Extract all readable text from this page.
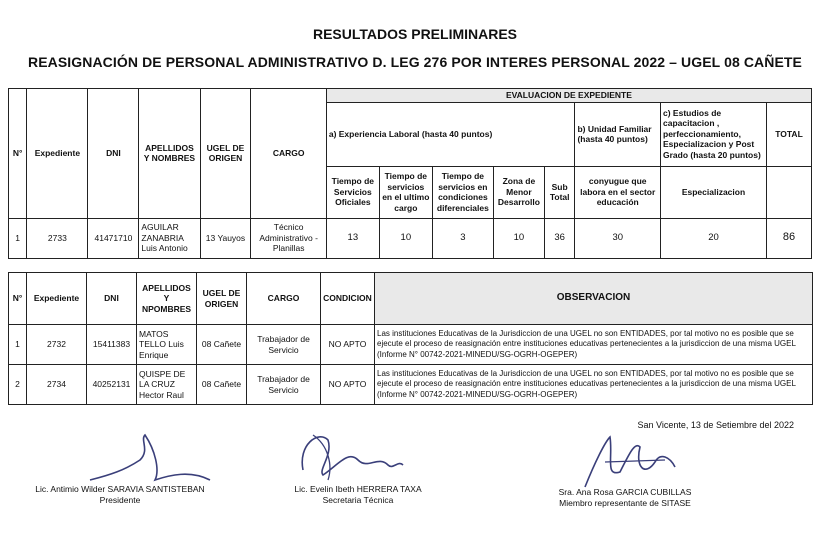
RESULTADOS PRELIMINARES
REASIGNACIÓN DE PERSONAL ADMINISTRATIVO D. LEG 276 POR INTERES PERSONAL 2022 – UGEL 08 CAÑETE
N°	Expediente	DNI	APELLIDOS Y NOMBRES	UGEL DE ORIGEN	CARGO	EVALUACION DE EXPEDIENTE							
						a) Experiencia Laboral (hasta 40 puntos)					b) Unidad Familiar (hasta 40 puntos)	c) Estudios de capacitacion , perfeccionamiento, Especializacion y Post Grado (hasta 20 puntos)	TOTAL
						Tiempo de Servicios Oficiales	Tiempo de servicios en el ultimo cargo	Tiempo de servicios en condiciones diferenciales	Zona de Menor Desarrollo	Sub Total	conyugue que labora en el sector educación	Especializacion	
1	2733	41471710	AGUILAR ZANABRIA Luis Antonio	13 Yauyos	Técnico Administrativo - Planillas	13	10	3	10	36	30	20	86
N°	Expediente	DNI	APELLIDOS Y NPOMBRES	UGEL DE ORIGEN	CARGO	CONDICION	OBSERVACION
1	2732	15411383	MATOS TELLO Luis Enrique	08 Cañete	Trabajador de Servicio	NO APTO	Las instituciones Educativas de la Jurisdiccion de una UGEL no son ENTIDADES, por tal motivo no es posible que se ejecute el proceso de reasignación entre instituciones educativas pertenecientes a la jurisdiccion de una misma UGEL (Informe N° 00742-2021-MINEDU/SG-OGRH-OGEPER)
2	2734	40252131	QUISPE DE LA CRUZ Hector Raul	08 Cañete	Trabajador de Servicio	NO APTO	Las instituciones Educativas de la Jurisdiccion de una UGEL no son ENTIDADES, por tal motivo no es posible que se ejecute el proceso de reasignación entre instituciones educativas pertenecientes a la jurisdiccion de una misma UGEL (Informe N° 00742-2021-MINEDU/SG-OGRH-OGEPER)
San Vicente, 13 de Setiembre del 2022
Lic. Antimio Wilder SARAVIA SANTISTEBAN
Presidente
Lic. Evelin Ibeth HERRERA TAXA
Secretaria Técnica
Sra. Ana Rosa GARCIA CUBILLAS
Miembro representante de SITASE
